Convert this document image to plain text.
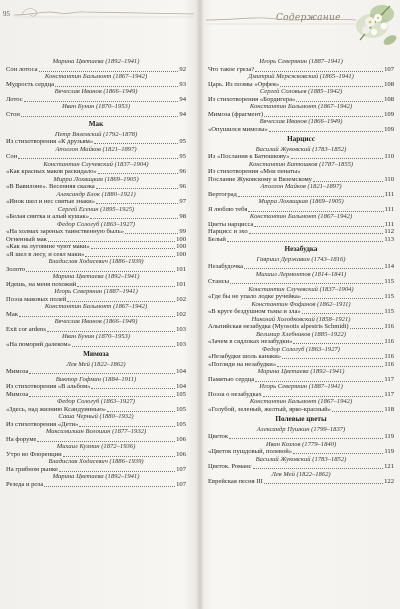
95	Содержание
Марина Цветаева (1892–1941)
Сон лотоса	92
Константин Бальмонт (1867–1942)
Мудрость сердца	93
Вячеслав Иванов (1866–1949)
Лотос	94
Иван Бунин (1870–1953)
Стон	94
Мак
Петр Вяземский (1792–1878)
Из стихотворения «К друзьям»	95
Аполлон Майков (1821–1897)
Сон	95
Константин Случевский (1837–1904)
«Как красных маков раскидало»	96
Мирра Лохвицкая (1869–1905)
«В Вавилоне». Весенняя сказка	96
Александр Блок (1880–1921)
«Инок шел и нес святые знаки»	97
Сергей Есенин (1895–1925)
«Белая свитка и алый кушак»	98
Федор Сологуб (1863–1927)
«На холмах зареных таинственную быль»	99
Огненный мак	100
«Как на луговине чуют маки»	100
«Я шел в лесу, и сеял маки»	100
Владислав Ходасевич (1886–1939)
Золото	101
Марина Цветаева (1892–1941)
Идешь, на меня похожий	101
Игорь Северянин (1887–1941)
Поэза маковых полей	102
Константин Бальмонт (1867–1942)
Мак	102
Вячеслав Иванов (1866–1949)
Exit cor ardens	103
Иван Бунин (1870–1953)
«На поморий далеком»	103
Мимоза
Лев Мей (1822–1862)
Мимоза	104
Виктор Гофман (1884–1911)
Из стихотворения «В альбом»	104
Мимоза	105
Федор Сологуб (1863–1927)
«Здесь, над жизнию Ксандуиннью»	105
Саша Черный (1880–1932)
Из стихотворения «Дети»	105
Максимилиан Волошин (1877–1932)
На форуме	106
Михаил Кузмин (1872–1936)
Утро во Флоренции	106
Владислав Ходасевич (1886–1939)
На грибном рынке	107
Марина Цветаева (1892–1941)
Резеда и роза	107
Игорь Северянин (1887–1941)
Что такое греза?	107
Дмитрий Мережковский (1865–1941)
Царь. Из поэмы «Орфея»	108
Сергей Соловьев (1885–1942)
Из стихотворения «Бордигера»	108
Константин Бальмонт (1867–1942)
Мимоза (фрагмент)	109
Вячеслав Иванов (1866–1949)
«Опушился мимозы»	109
Нарцисс
Василий Жуковский (1783–1852)
Из «Послания к Батюшкову»	110
Константин Батюшков (1787–1855)
Из стихотворения «Мои пенаты»
Послание Жуковскому и Вяземскому	110
Аполлон Майков (1821–1897)
Вертоград	111
Мирра Лохвицкая (1869–1905)
Я люблю тебя	111
Константин Бальмонт (1867–1942)
Цветы нарцисса	111
Нарцисс и эхо	112
Белый	113
Незабудка
Гавриил Державин (1743–1816)
Незабудочка	114
Михаил Лермонтов (1814–1841)
Стансы	115
Константин Случевский (1837–1904)
«Где бы не упало лодке ручейка»	115
Константин Фофанов (1862–1911)
«В круге бездушном тьмы и зла»	115
Николай Холодковский (1858–1921)
Альпийская незабудка (Myosotis alpestris Schmidt)	116
Велимир Хлебников (1885–1922)
«Зачем в сядлоках незабудки»	116
Федор Сологуб (1863–1927)
«Незабудки шоль канаки»	116
«Погляди на незабудки»	116
Марина Цветаева (1892–1941)
Памятью сердца	117
Игорь Северянин (1887–1941)
Поэза о незабудках	117
Константин Бальмонт (1867–1942)
«Голубой, зеленый, желтый, ярко-красный»	118
Полевые цветы
Александр Пушкин (1799–1837)
Цветок	119
Иван Козлов (1779–1840)
«Цветок пушдовый, полевой»	119
Василий Жуковский (1783–1852)
Цветок. Романс	121
Лев Мей (1822–1862)
Еврейская песня III	122
